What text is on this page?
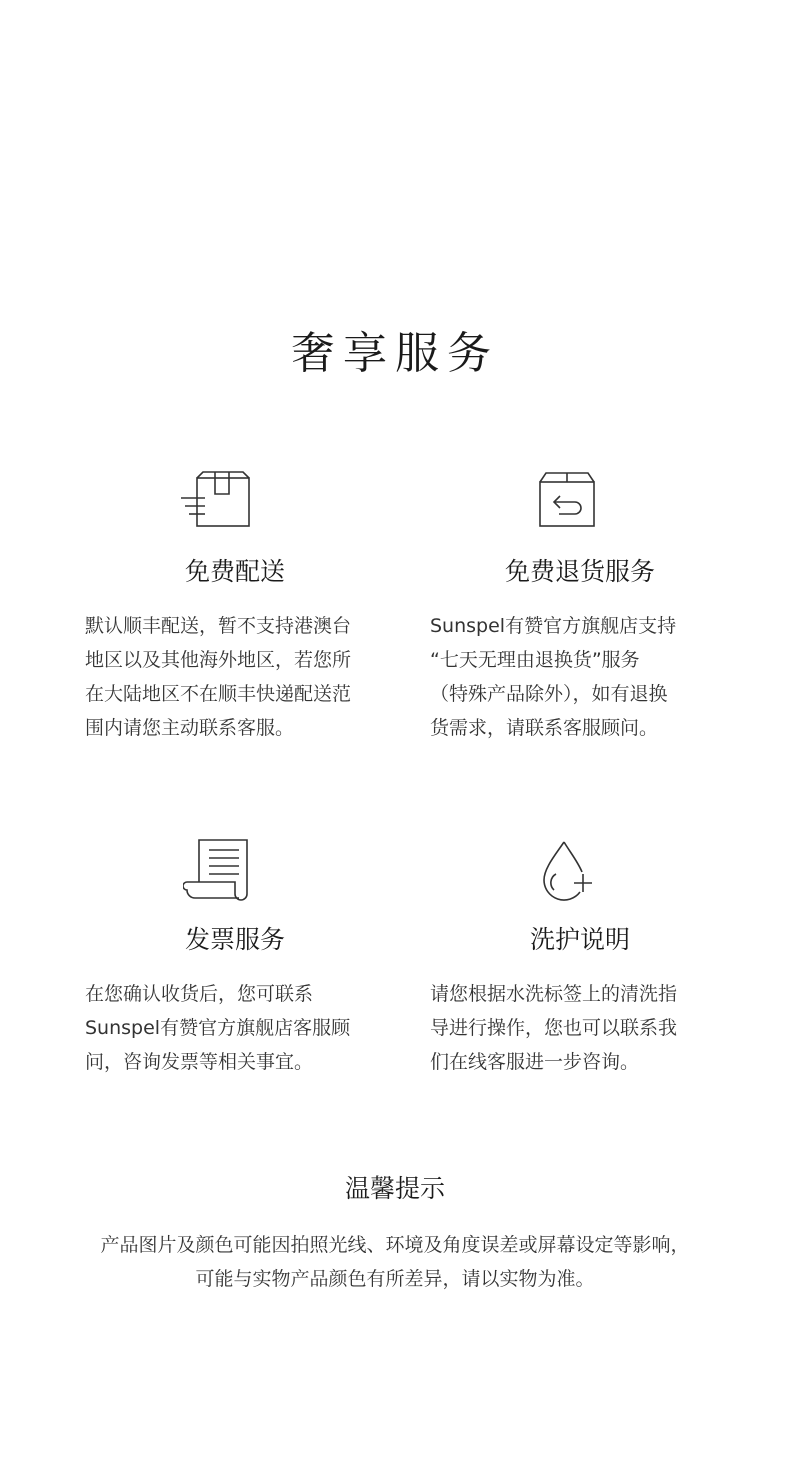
奢享服务
免费配送
默认顺丰配送，暂不支持港澳台
地区以及其他海外地区，若您所
在大陆地区不在顺丰快递配送范
围内请您主动联系客服。
免费退货服务
Sunspel有赞官方旗舰店支持
“七天无理由退换货”服务
（特殊产品除外），如有退换
货需求，请联系客服顾问。
发票服务
在您确认收货后，您可联系
Sunspel有赞官方旗舰店客服顾
问，咨询发票等相关事宜。
洗护说明
请您根据水洗标签上的清洗指
导进行操作，您也可以联系我
们在线客服进一步咨询。
温馨提示
产品图片及颜色可能因拍照光线、环境及角度误差或屏幕设定等影响，
可能与实物产品颜色有所差异，请以实物为准。
